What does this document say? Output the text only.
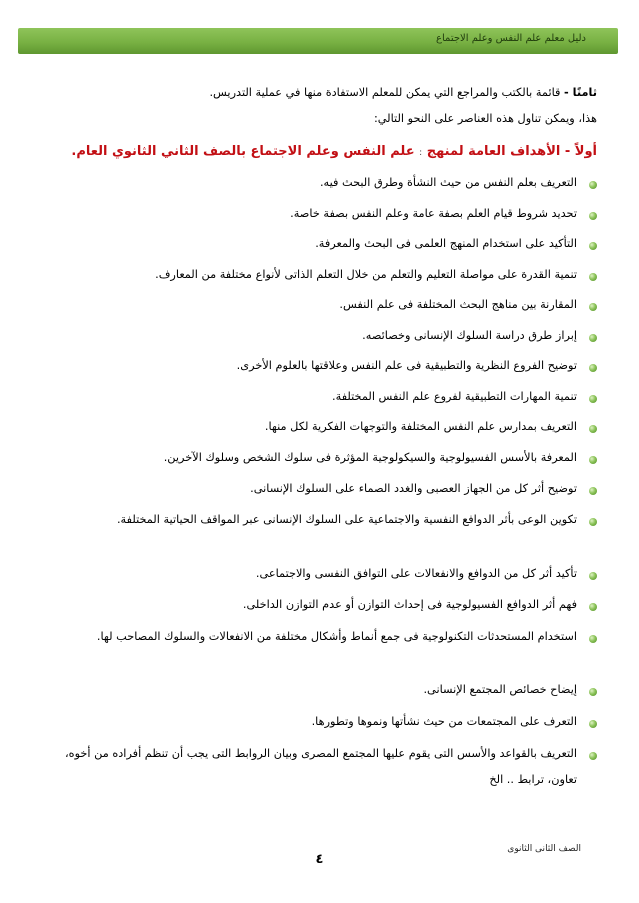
دليل معلم علم النفس وعلم الاجتماع
ثامنًا - قائمة بالكتب والمراجع التي يمكن للمعلم الاستفادة منها في عملية التدريس.
هذا، ويمكن تناول هذه العناصر على النحو التالي:
أولاً - الأهداف العامة لمنهج : علم النفس وعلم الاجتماع بالصف الثاني الثانوي العام.
التعريف بعلم النفس من حيث النشأة وطرق البحث فيه.
تحديد شروط قيام العلم بصفة عامة وعلم النفس بصفة خاصة.
التأكيد على استخدام المنهج العلمى فى البحث والمعرفة.
تنمية القدرة على مواصلة التعليم والتعلم من خلال التعلم الذاتى لأنواع مختلفة من المعارف.
المقارنة بين مناهج البحث المختلفة فى علم النفس.
إبراز طرق دراسة السلوك الإنسانى وخصائصه.
توضيح الفروع النظرية والتطبيقية فى علم النفس وعلاقتها بالعلوم الأخرى.
تنمية المهارات التطبيقية لفروع علم النفس المختلفة.
التعريف بمدارس علم النفس المختلفة والتوجهات الفكرية لكل منها.
المعرفة بالأسس الفسيولوجية والسيكولوجية المؤثرة فى سلوك الشخص وسلوك الآخرين.
توضيح أثر كل من الجهاز العصبى والغدد الصماء على السلوك الإنسانى.
تكوين الوعى بأثر الدوافع النفسية والاجتماعية على السلوك الإنسانى عبر المواقف الحياتية المختلفة.
تأكيد أثر كل من الدوافع والانفعالات على التوافق النفسى والاجتماعى.
فهم أثر الدوافع الفسيولوجية فى إحداث التوازن أو عدم التوازن الداخلى.
استخدام المستحدثات التكنولوجية فى جمع أنماط وأشكال مختلفة من الانفعالات والسلوك المصاحب لها.
إيضاح خصائص المجتمع الإنسانى.
التعرف على المجتمعات من حيث نشأتها ونموها وتطورها.
التعريف بالقواعد والأسس التى يقوم عليها المجتمع المصرى وبيان الروابط التى يجب أن تنظم أفراده من أخوه، تعاون، ترابط .. الخ
الصف الثانى الثانوى
٤
